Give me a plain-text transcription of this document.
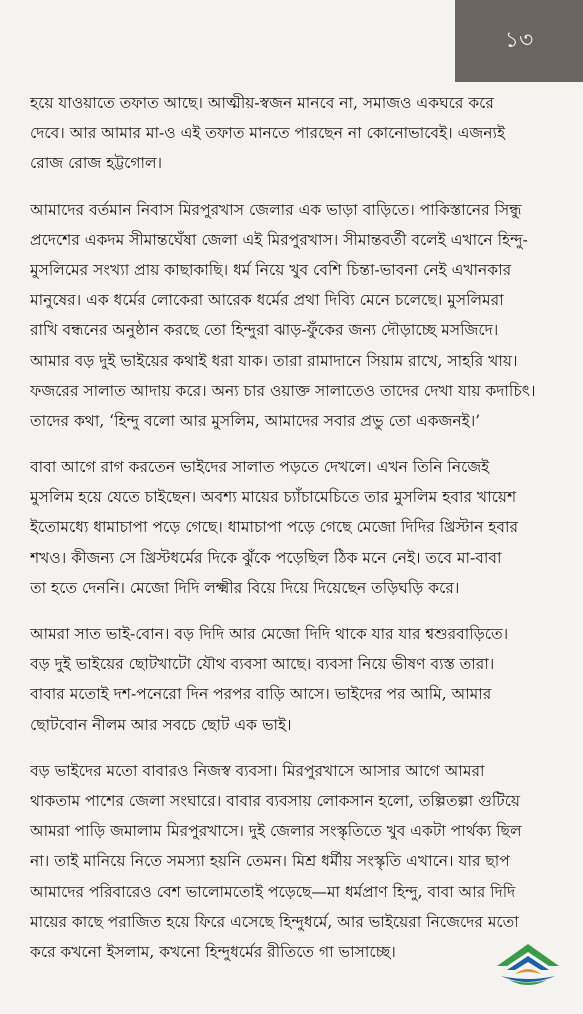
১৩
হয়ে যাওয়াতে তফাত আছে। আত্মীয়-স্বজন মানবে না, সমাজও একঘরে করে
দেবে। আর আমার মা-ও এই তফাত মানতে পারছেন না কোনোভাবেই। এজন্যই
রোজ রোজ হট্টগোল।
আমাদের বর্তমান নিবাস মিরপুরখাস জেলার এক ভাড়া বাড়িতে। পাকিস্তানের সিন্ধু
প্রদেশের একদম সীমান্তঘেঁষা জেলা এই মিরপুরখাস। সীমান্তবর্তী বলেই এখানে হিন্দু-
মুসলিমের সংখ্যা প্রায় কাছাকাছি। ধর্ম নিয়ে খুব বেশি চিন্তা-ভাবনা নেই এখানকার
মানুষের। এক ধর্মের লোকেরা আরেক ধর্মের প্রথা দিব্যি মেনে চলেছে। মুসলিমরা
রাখি বন্ধনের অনুষ্ঠান করছে তো হিন্দুরা ঝাড়-ফুঁকের জন্য দৌড়াচ্ছে মসজিদে।
আমার বড় দুই ভাইয়ের কথাই ধরা যাক। তারা রামাদানে সিয়াম রাখে, সাহরি খায়।
ফজরের সালাত আদায় করে। অন্য চার ওয়াক্ত সালাতেও তাদের দেখা যায় কদাচিৎ।
তাদের কথা, ‘হিন্দু বলো আর মুসলিম, আমাদের সবার প্রভু তো একজনই।’
বাবা আগে রাগ করতেন ভাইদের সালাত পড়তে দেখলে। এখন তিনি নিজেই
মুসলিম হয়ে যেতে চাইছেন। অবশ্য মায়ের চ্যাঁচামেচিতে তার মুসলিম হবার খায়েশ
ইতোমধ্যে ধামাচাপা পড়ে গেছে। ধামাচাপা পড়ে গেছে মেজো দিদির খ্রিস্টান হবার
শখও। কীজন্য সে খ্রিস্টধর্মের দিকে ঝুঁকে পড়েছিল ঠিক মনে নেই। তবে মা-বাবা
তা হতে দেননি। মেজো দিদি লক্ষ্মীর বিয়ে দিয়ে দিয়েছেন তড়িঘড়ি করে।
আমরা সাত ভাই-বোন। বড় দিদি আর মেজো দিদি থাকে যার যার শ্বশুরবাড়িতে।
বড় দুই ভাইয়ের ছোটখাটো যৌথ ব্যবসা আছে। ব্যবসা নিয়ে ভীষণ ব্যস্ত তারা।
বাবার মতোই দশ-পনেরো দিন পরপর বাড়ি আসে। ভাইদের পর আমি, আমার
ছোটবোন নীলম আর সবচে ছোট এক ভাই।
বড় ভাইদের মতো বাবারও নিজস্ব ব্যবসা। মিরপুরখাসে আসার আগে আমরা
থাকতাম পাশের জেলা সংঘারে। বাবার ব্যবসায় লোকসান হলো, তল্পিতল্পা গুটিয়ে
আমরা পাড়ি জমালাম মিরপুরখাসে। দুই জেলার সংস্কৃতিতে খুব একটা পার্থক্য ছিল
না। তাই মানিয়ে নিতে সমস্যা হয়নি তেমন। মিশ্র ধর্মীয় সংস্কৃতি এখানে। যার ছাপ
আমাদের পরিবারেও বেশ ভালোমতোই পড়েছে—মা ধর্মপ্রাণ হিন্দু, বাবা আর দিদি
মায়ের কাছে পরাজিত হয়ে ফিরে এসেছে হিন্দুধর্মে, আর ভাইয়েরা নিজেদের মতো
করে কখনো ইসলাম, কখনো হিন্দুধর্মের রীতিতে গা ভাসাচ্ছে।
